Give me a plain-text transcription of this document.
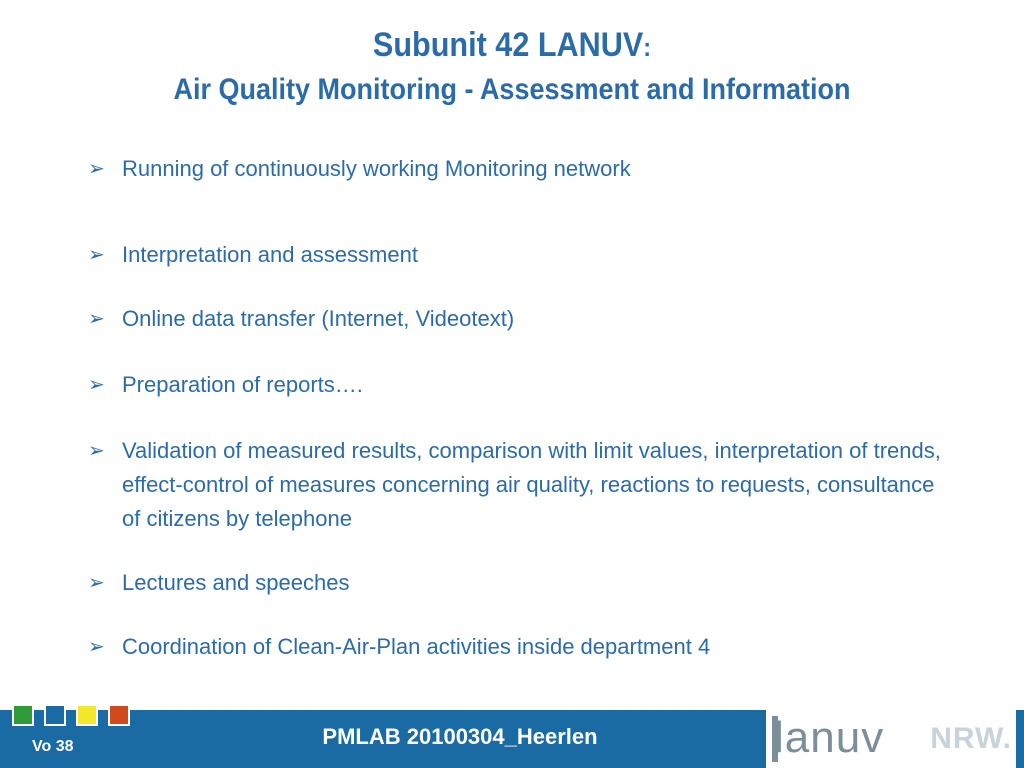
Subunit 42 LANUV:
Air Quality Monitoring - Assessment and Information
➢ Running of continuously working Monitoring network
➢ Interpretation and assessment
➢ Online data transfer (Internet, Videotext)
➢ Preparation of reports….
➢ Validation of measured results, comparison with limit values, interpretation of trends, effect-control of measures concerning air quality, reactions to requests, consultance of citizens by telephone
➢ Lectures and speeches
➢ Coordination of Clean-Air-Plan activities inside department 4
Vo 38	PMLAB 20100304_Heerlen	lanuv NRW.
